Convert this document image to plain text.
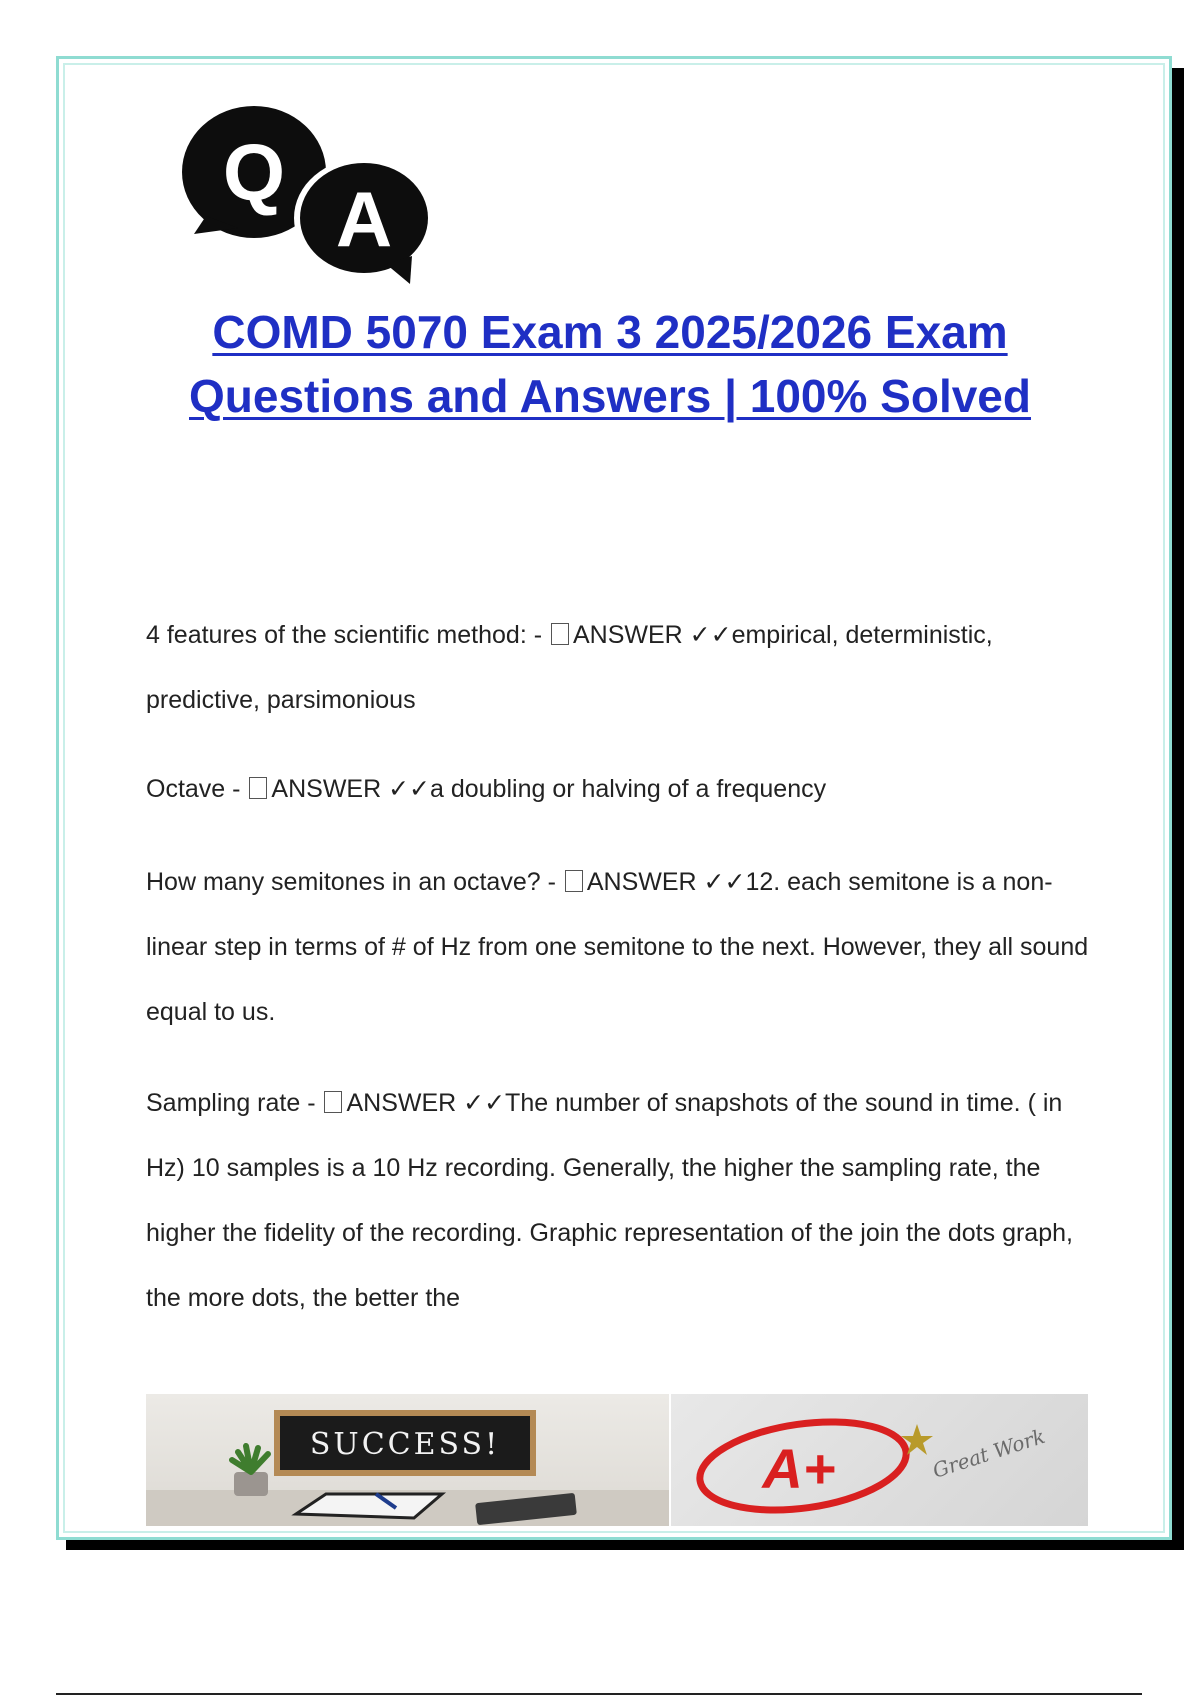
Q
A
COMD 5070 Exam 3 2025/2026 Exam
Questions and Answers | 100% Solved

4 features of the scientific method: - ANSWER ✓✓empirical, deterministic, predictive, parsimonious

Octave - ANSWER ✓✓a doubling or halving of a frequency

How many semitones in an octave? - ANSWER ✓✓12. each semitone is a non-linear step in terms of # of Hz from one semitone to the next. However, they all sound equal to us.

Sampling rate - ANSWER ✓✓The number of snapshots of the sound in time. ( in Hz) 10 samples is a 10 Hz recording. Generally, the higher the sampling rate, the higher the fidelity of the recording. Graphic representation of the join the dots graph, the more dots, the better the

SUCCESS!	A+	Great Work
